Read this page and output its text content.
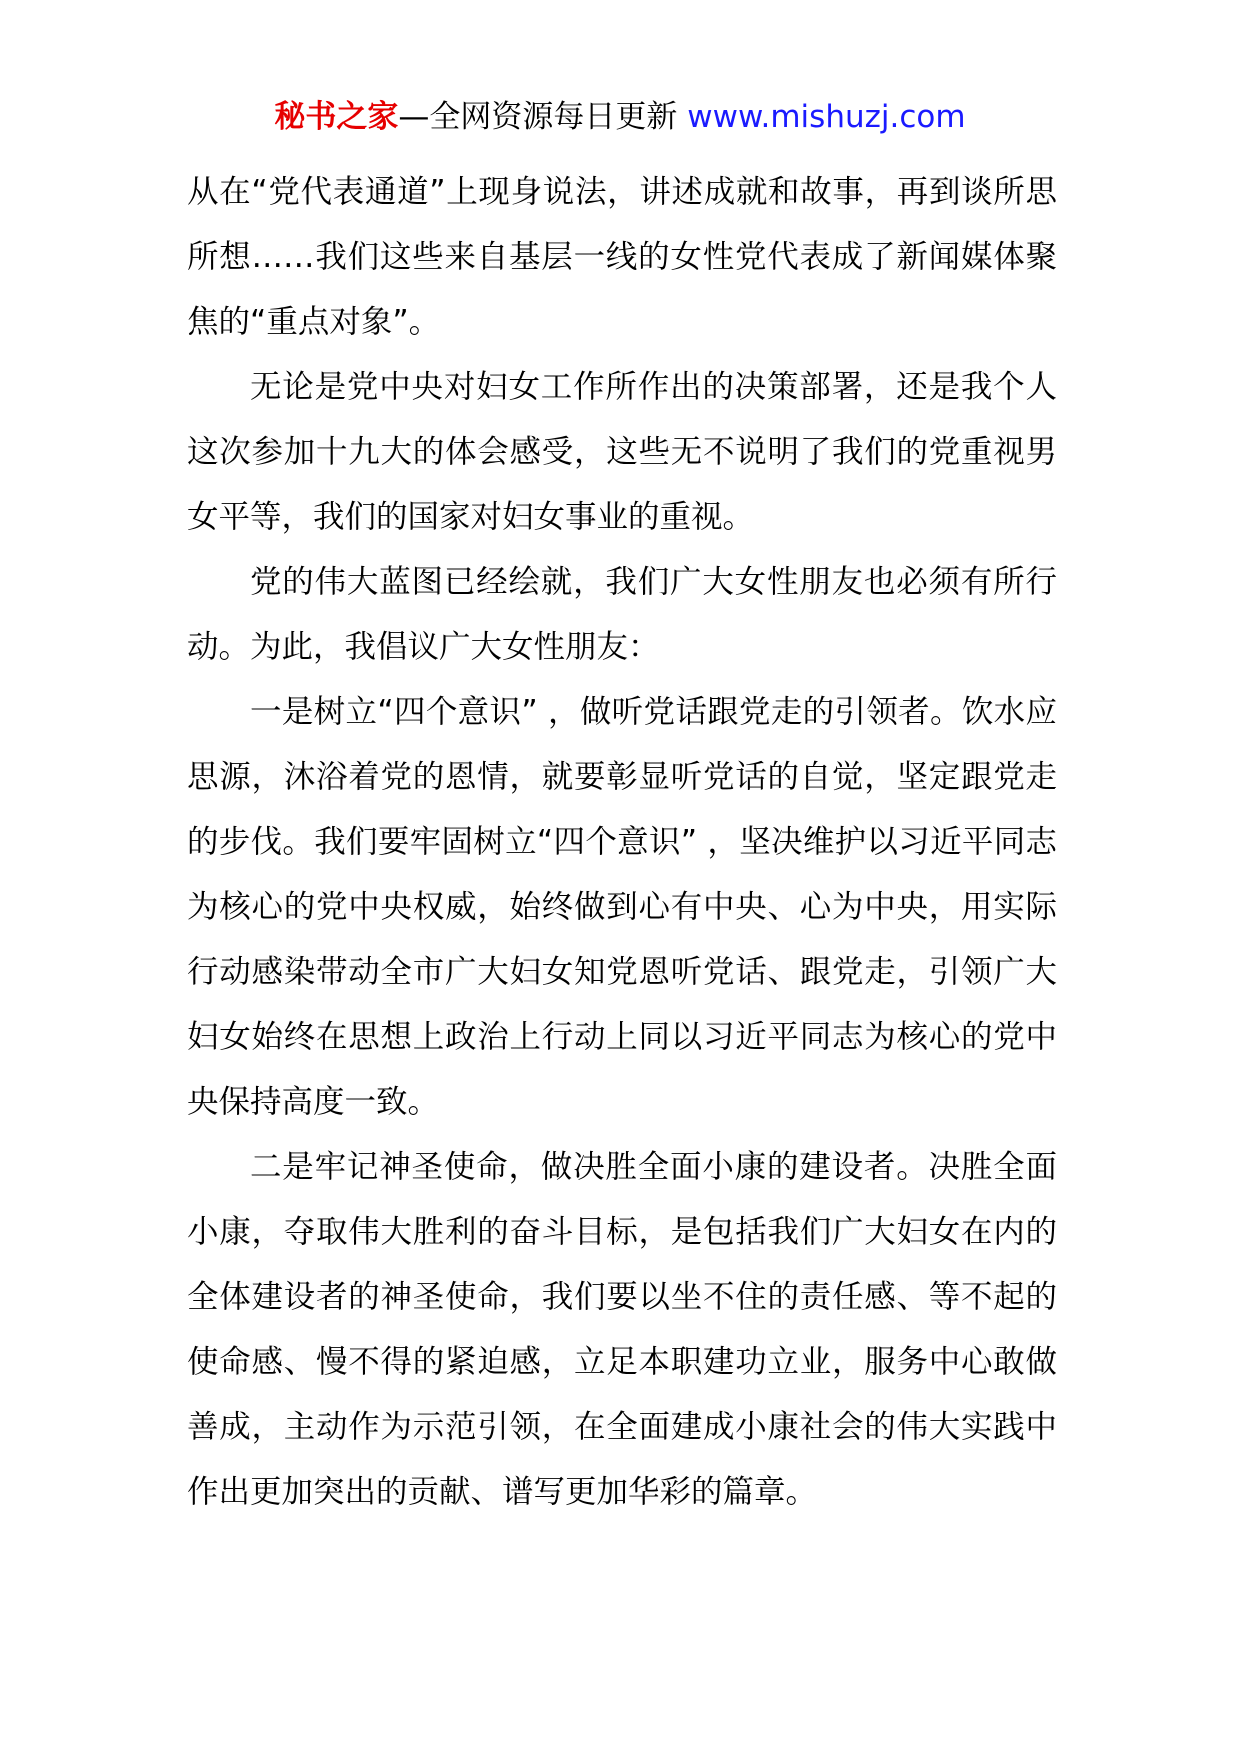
秘书之家—全网资源每日更新 www.mishuzj.com

从在“党代表通道”上现身说法，讲述成就和故事，再到谈所思所想……我们这些来自基层一线的女性党代表成了新闻媒体聚焦的“重点对象”。

无论是党中央对妇女工作所作出的决策部署，还是我个人这次参加十九大的体会感受，这些无不说明了我们的党重视男女平等，我们的国家对妇女事业的重视。

党的伟大蓝图已经绘就，我们广大女性朋友也必须有所行动。为此，我倡议广大女性朋友：

一是树立“四个意识” ，做听党话跟党走的引领者。饮水应思源，沐浴着党的恩情，就要彰显听党话的自觉，坚定跟党走的步伐。我们要牢固树立“四个意识” ，坚决维护以习近平同志为核心的党中央权威，始终做到心有中央、心为中央，用实际行动感染带动全市广大妇女知党恩听党话、跟党走，引领广大妇女始终在思想上政治上行动上同以习近平同志为核心的党中央保持高度一致。

二是牢记神圣使命，做决胜全面小康的建设者。决胜全面小康，夺取伟大胜利的奋斗目标，是包括我们广大妇女在内的全体建设者的神圣使命，我们要以坐不住的责任感、等不起的使命感、慢不得的紧迫感，立足本职建功立业，服务中心敢做善成，主动作为示范引领，在全面建成小康社会的伟大实践中作出更加突出的贡献、谱写更加华彩的篇章。
